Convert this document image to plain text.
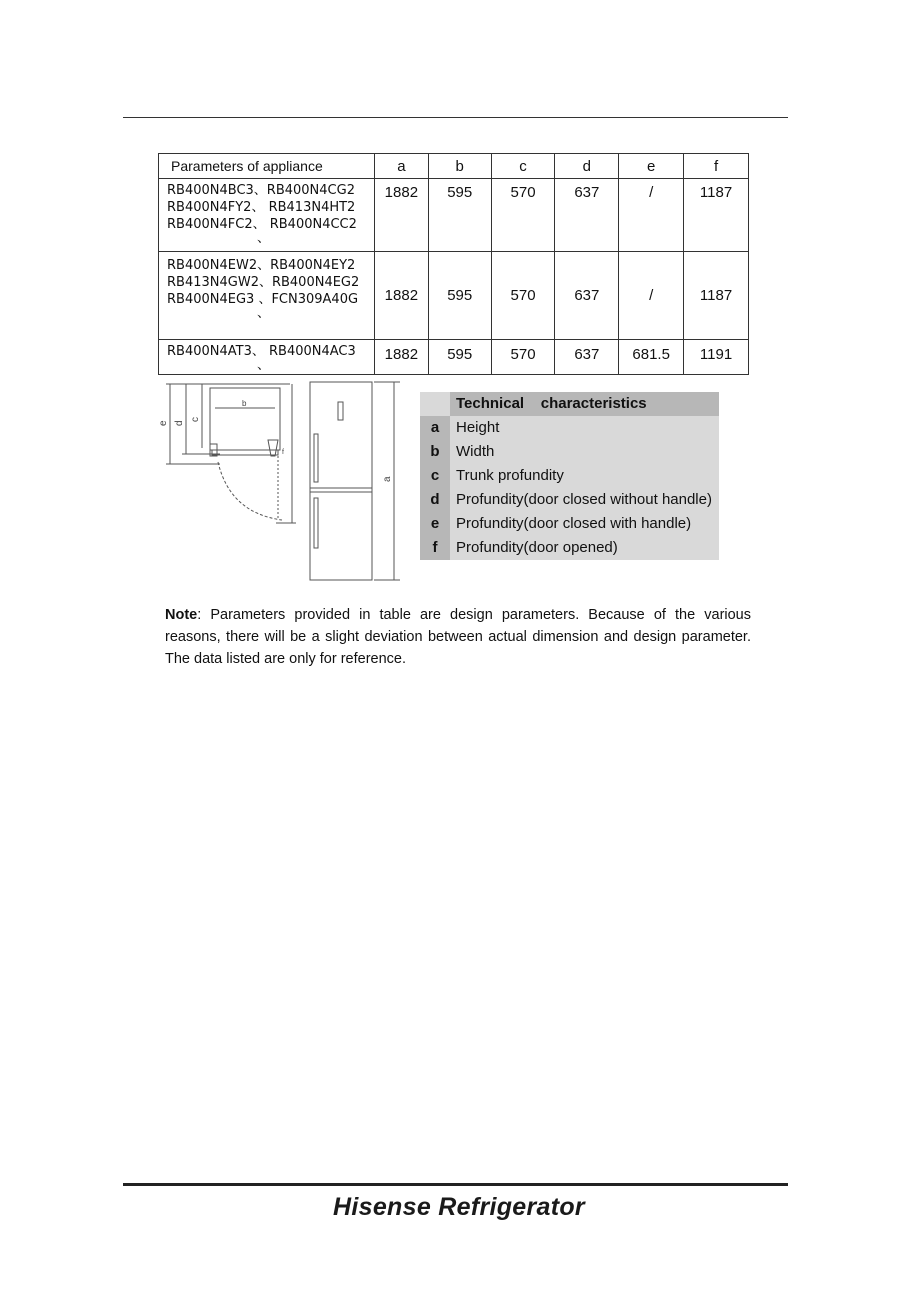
Parameters of appliance	a	b	c	d	e	f

RB400N4BC3、RB400N4CG2
RB400N4FY2、 RB413N4HT2
RB400N4FC2、 RB400N4CC2
、	1882	595	570	637	/	1187

RB400N4EW2、RB400N4EY2
RB413N4GW2、RB400N4EG2
RB400N4EG3 、FCN309A40G
、	1882	595	570	637	/	1187

RB400N4AT3、 RB400N4AC3
、	1882	595	570	637	681.5	1191
e d
c
b
f
a
Technical    characteristics
a	Height
b	Width
c	Trunk profundity
d	Profundity(door closed without handle)
e	Profundity(door closed with handle)
f	Profundity(door opened)
Note: Parameters provided in table are design parameters. Because of the various reasons, there will be a slight deviation between actual dimension and design parameter. The data listed are only for reference.
Hisense Refrigerator
